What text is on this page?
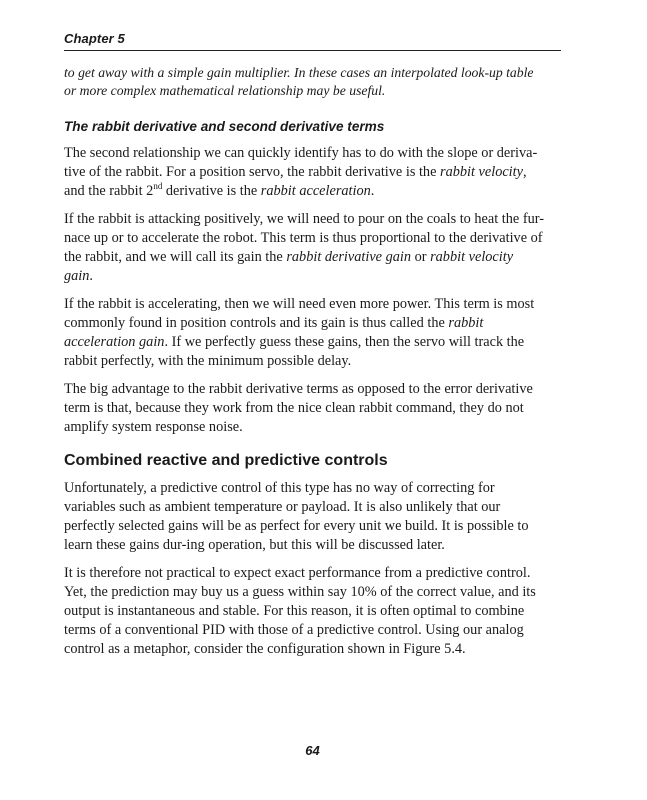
Chapter 5

to get away with a simple gain multiplier. In these cases an interpolated look-up table or more complex mathematical relationship may be useful.

The rabbit derivative and second derivative terms

The second relationship we can quickly identify has to do with the slope or deriva-tive of the rabbit. For a position servo, the rabbit derivative is the rabbit velocity, and the rabbit 2nd derivative is the rabbit acceleration.

If the rabbit is attacking positively, we will need to pour on the coals to heat the fur-nace up or to accelerate the robot. This term is thus proportional to the derivative of the rabbit, and we will call its gain the rabbit derivative gain or rabbit velocity gain.

If the rabbit is accelerating, then we will need even more power. This term is most commonly found in position controls and its gain is thus called the rabbit acceleration gain. If we perfectly guess these gains, then the servo will track the rabbit perfectly, with the minimum possible delay.

The big advantage to the rabbit derivative terms as opposed to the error derivative term is that, because they work from the nice clean rabbit command, they do not amplify system response noise.

Combined reactive and predictive controls

Unfortunately, a predictive control of this type has no way of correcting for variables such as ambient temperature or payload. It is also unlikely that our perfectly selected gains will be as perfect for every unit we build. It is possible to learn these gains dur-ing operation, but this will be discussed later.

It is therefore not practical to expect exact performance from a predictive control. Yet, the prediction may buy us a guess within say 10% of the correct value, and its output is instantaneous and stable. For this reason, it is often optimal to combine terms of a conventional PID with those of a predictive control. Using our analog control as a metaphor, consider the configuration shown in Figure 5.4.

64
